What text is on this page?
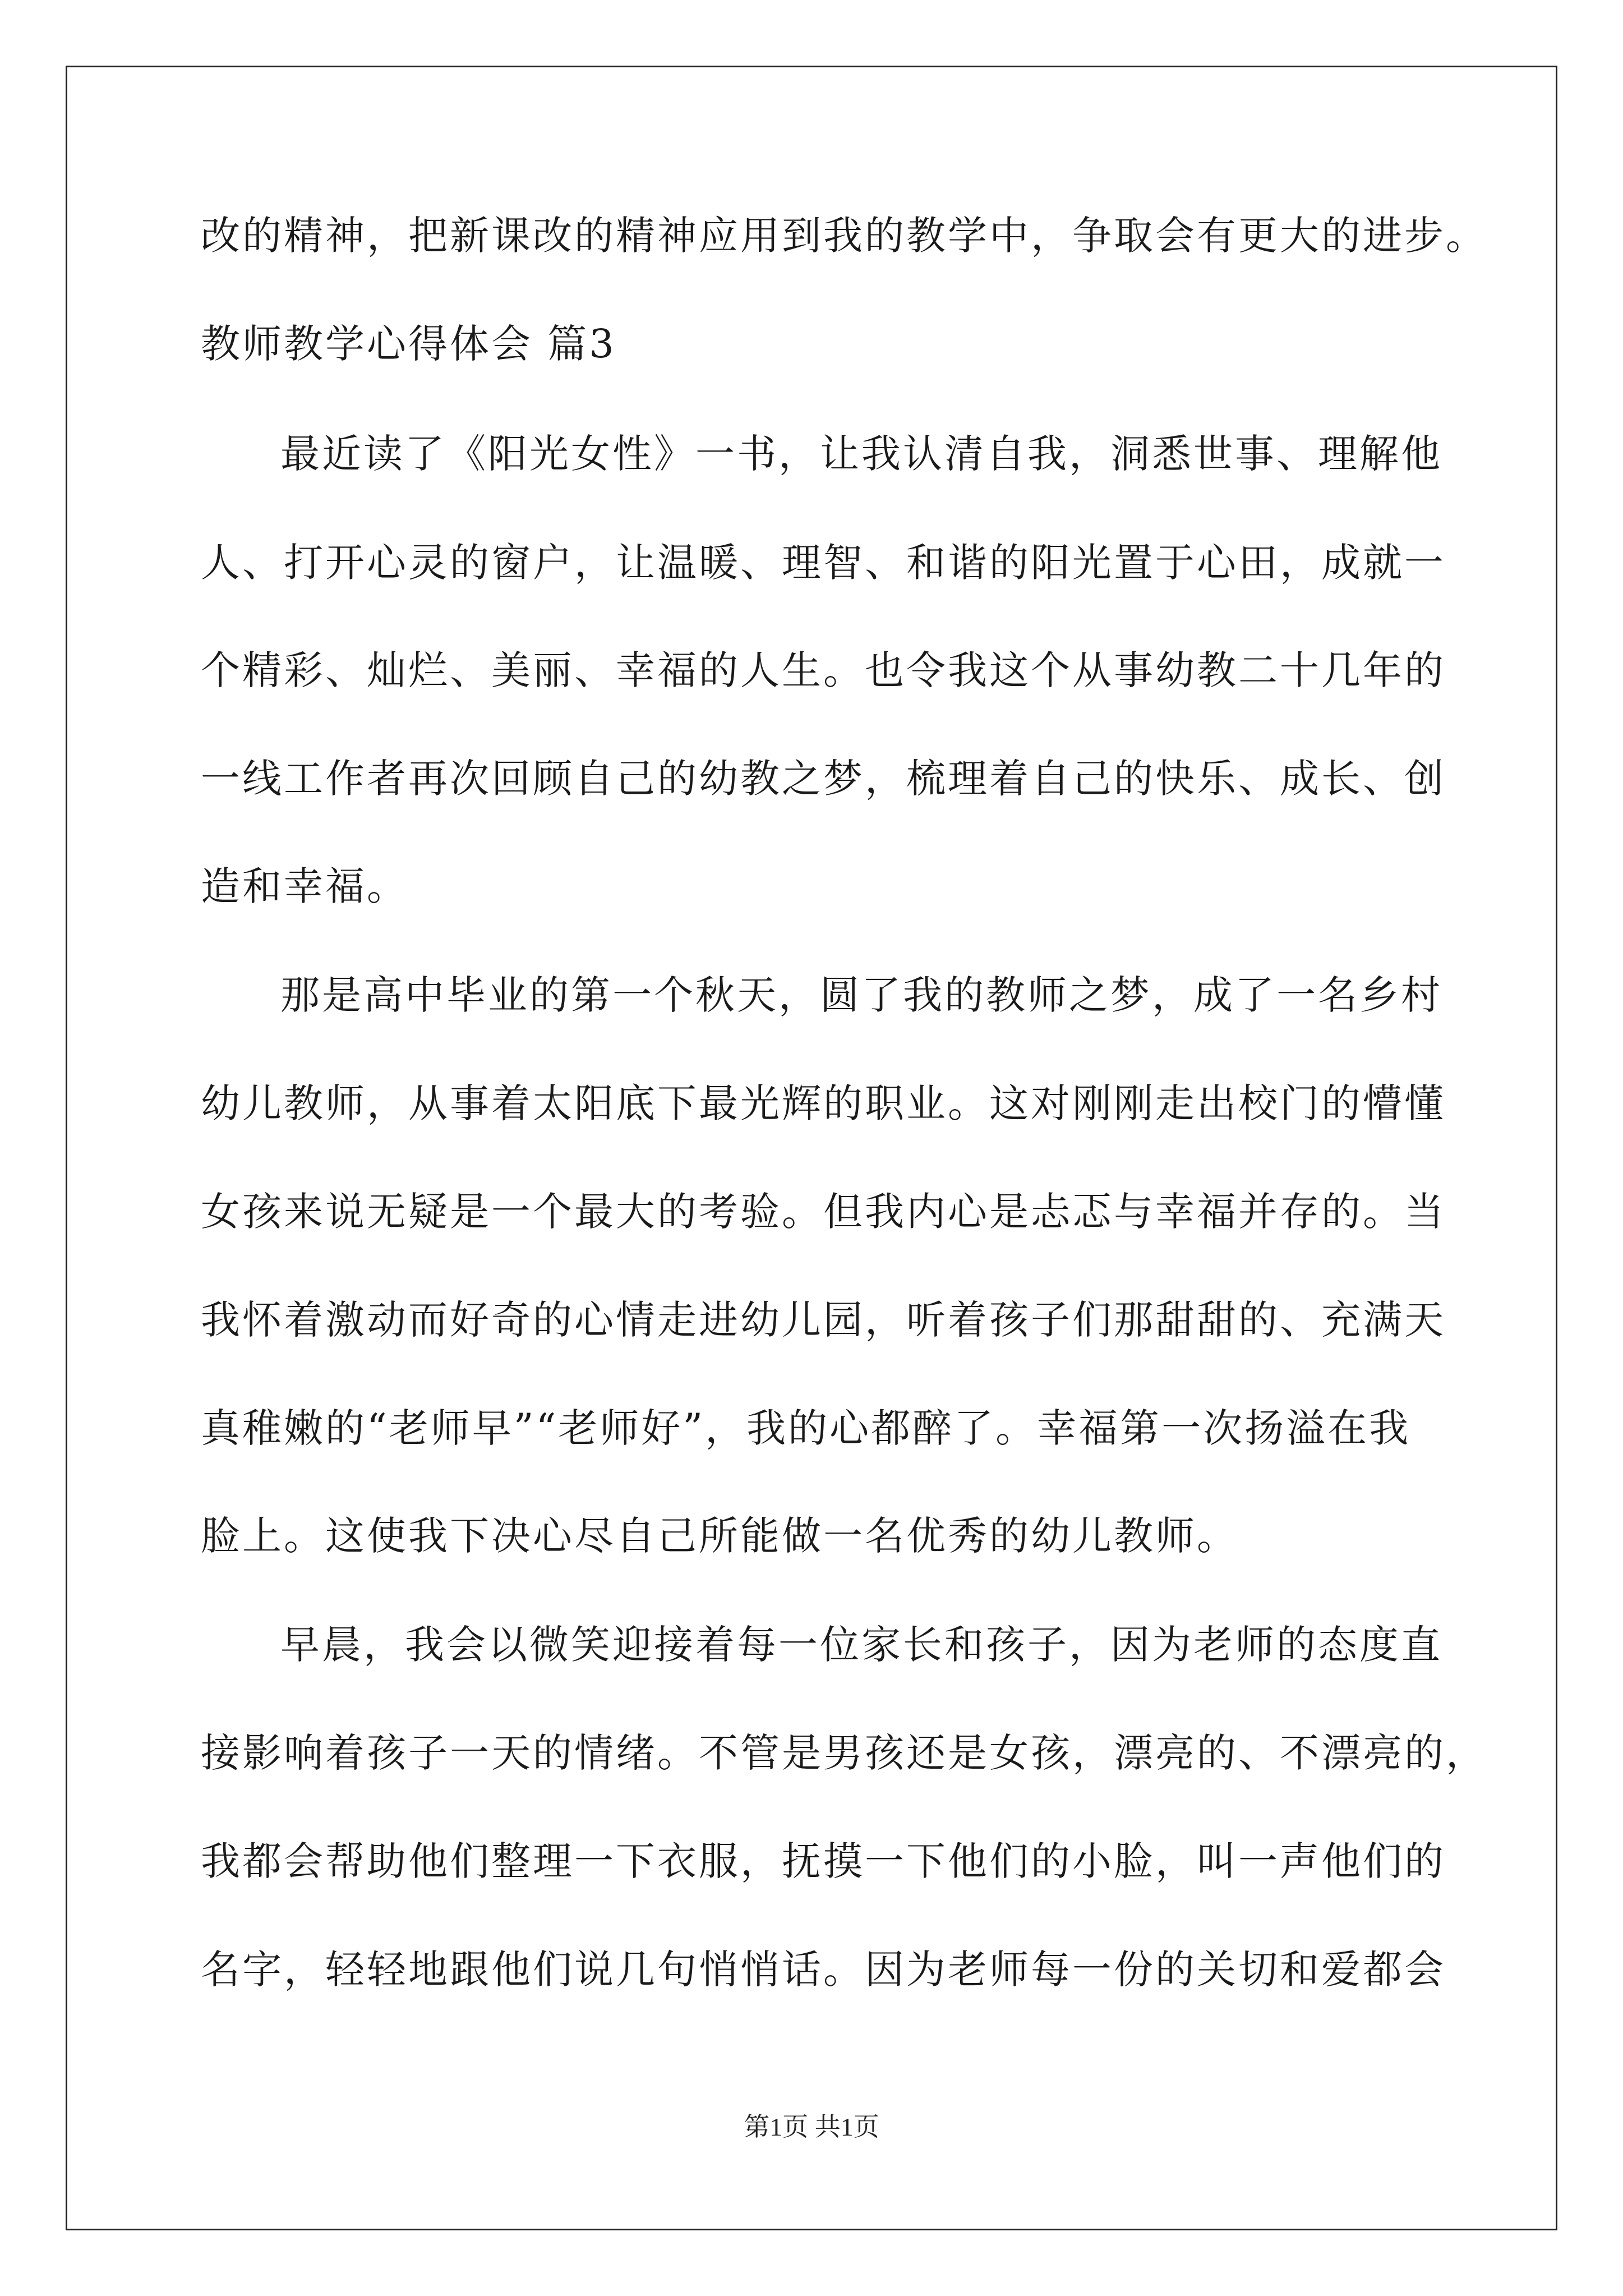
改的精神，把新课改的精神应用到我的教学中，争取会有更大的进步。
教师教学心得体会 篇3
最近读了《阳光女性》一书，让我认清自我，洞悉世事、理解他
人、打开心灵的窗户，让温暖、理智、和谐的阳光置于心田，成就一
个精彩、灿烂、美丽、幸福的人生。也令我这个从事幼教二十几年的
一线工作者再次回顾自己的幼教之梦，梳理着自己的快乐、成长、创
造和幸福。
那是高中毕业的第一个秋天，圆了我的教师之梦，成了一名乡村
幼儿教师，从事着太阳底下最光辉的职业。这对刚刚走出校门的懵懂
女孩来说无疑是一个最大的考验。但我内心是忐忑与幸福并存的。当
我怀着激动而好奇的心情走进幼儿园，听着孩子们那甜甜的、充满天
真稚嫩的“老师早”“老师好”，我的心都醉了。幸福第一次扬溢在我
脸上。这使我下决心尽自己所能做一名优秀的幼儿教师。
早晨，我会以微笑迎接着每一位家长和孩子，因为老师的态度直
接影响着孩子一天的情绪。不管是男孩还是女孩，漂亮的、不漂亮的，
我都会帮助他们整理一下衣服，抚摸一下他们的小脸，叫一声他们的
名字，轻轻地跟他们说几句悄悄话。因为老师每一份的关切和爱都会
第1页 共1页
